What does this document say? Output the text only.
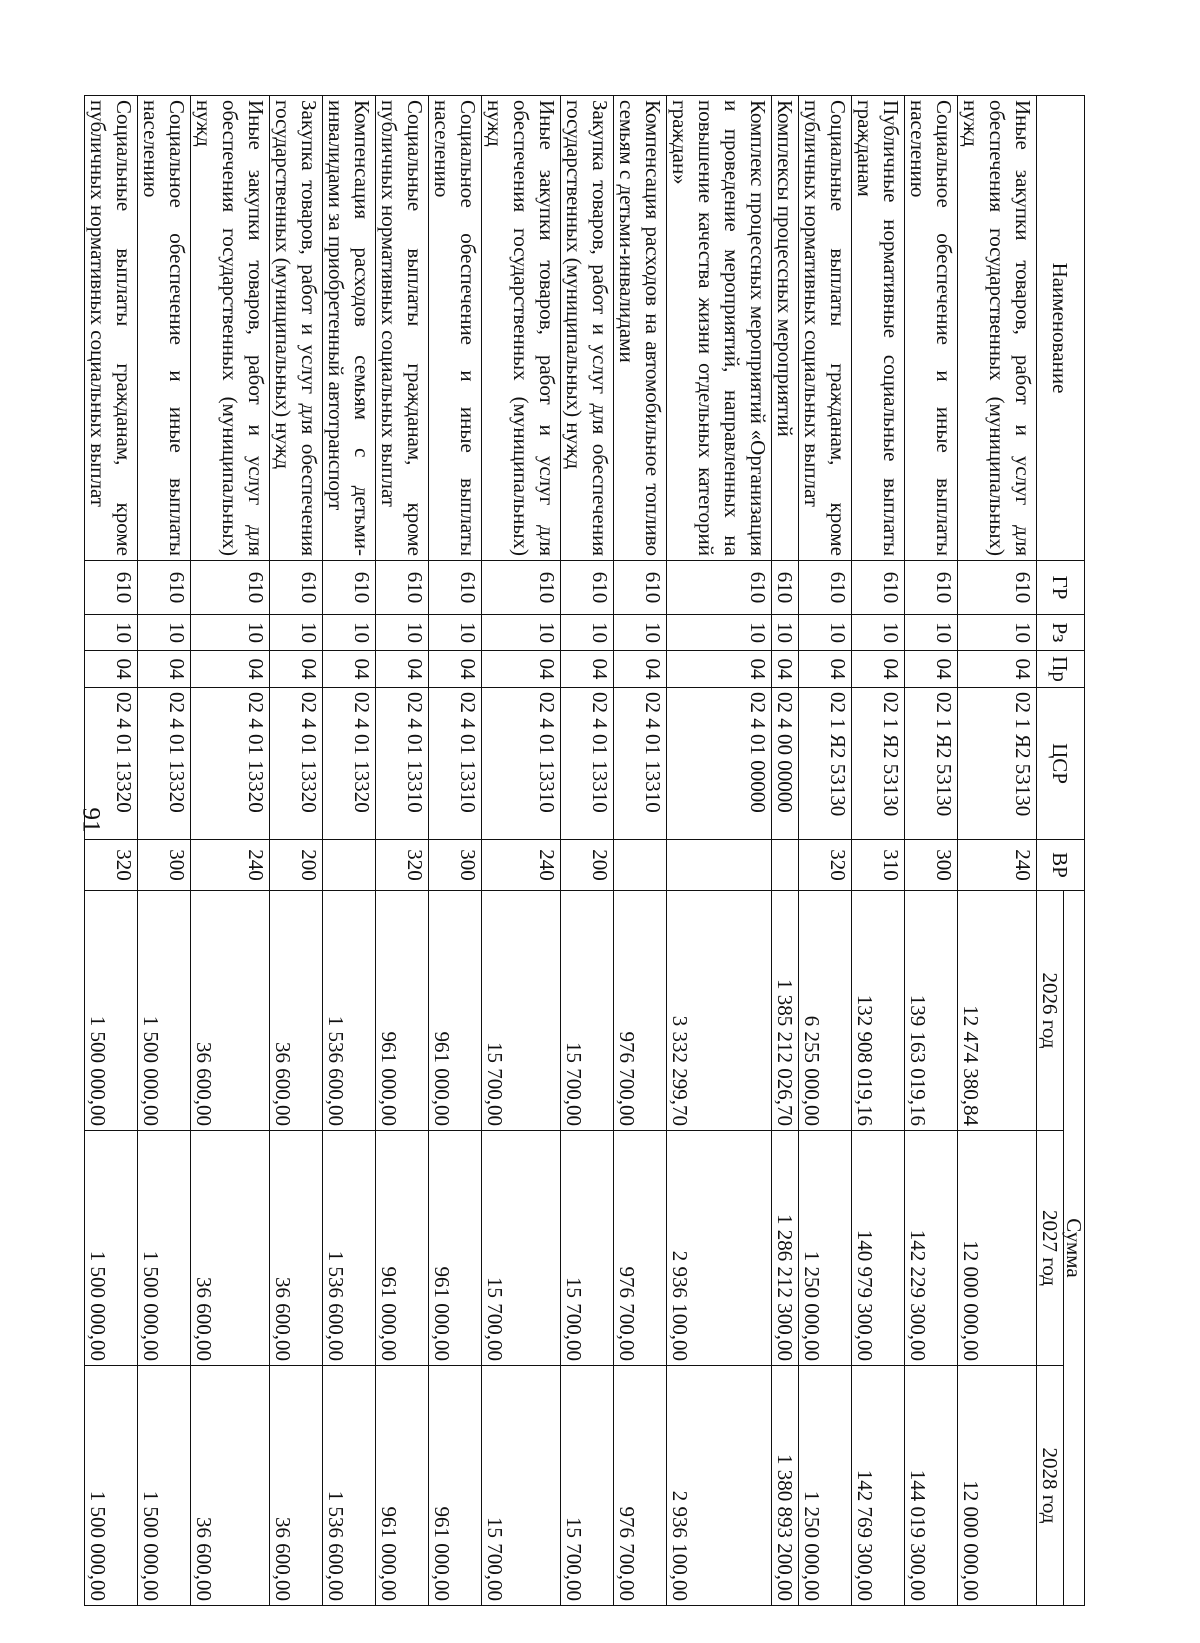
91
Наименование	ГР	Рз	Пр	ЦСР	ВР	Сумма		
						2026 год	2027 год	2028 год
Иные закупки товаров, работ и услуг для обеспечения государственных (муниципальных) нужд	610	10	04	02 1 Я2 53130	240	12 474 380,84	12 000 000,00	12 000 000,00
Социальное обеспечение и иные выплаты населению	610	10	04	02 1 Я2 53130	300	139 163 019,16	142 229 300,00	144 019 300,00
Публичные нормативные социальные выплаты гражданам	610	10	04	02 1 Я2 53130	310	132 908 019,16	140 979 300,00	142 769 300,00
Социальные выплаты гражданам, кроме публичных нормативных социальных выплат	610	10	04	02 1 Я2 53130	320	6 255 000,00	1 250 000,00	1 250 000,00
Комплексы процессных мероприятий	610	10	04	02 4 00 00000		1 385 212 026,70	1 286 212 300,00	1 380 893 200,00
Комплекс процессных мероприятий «Организация и проведение мероприятий, направленных на повышение качества жизни отдельных категорий граждан»	610	10	04	02 4 01 00000		3 332 299,70	2 936 100,00	2 936 100,00
Компенсация расходов на автомобильное топливо семьям с детьми-инвалидами	610	10	04	02 4 01 13310		976 700,00	976 700,00	976 700,00
Закупка товаров, работ и услуг для обеспечения государственных (муниципальных) нужд	610	10	04	02 4 01 13310	200	15 700,00	15 700,00	15 700,00
Иные закупки товаров, работ и услуг для обеспечения государственных (муниципальных) нужд	610	10	04	02 4 01 13310	240	15 700,00	15 700,00	15 700,00
Социальное обеспечение и иные выплаты населению	610	10	04	02 4 01 13310	300	961 000,00	961 000,00	961 000,00
Социальные выплаты гражданам, кроме публичных нормативных социальных выплат	610	10	04	02 4 01 13310	320	961 000,00	961 000,00	961 000,00
Компенсация расходов семьям с детьми-инвалидами за приобретенный автотранспорт	610	10	04	02 4 01 13320		1 536 600,00	1 536 600,00	1 536 600,00
Закупка товаров, работ и услуг для обеспечения государственных (муниципальных) нужд	610	10	04	02 4 01 13320	200	36 600,00	36 600,00	36 600,00
Иные закупки товаров, работ и услуг для обеспечения государственных (муниципальных) нужд	610	10	04	02 4 01 13320	240	36 600,00	36 600,00	36 600,00
Социальное обеспечение и иные выплаты населению	610	10	04	02 4 01 13320	300	1 500 000,00	1 500 000,00	1 500 000,00
Социальные выплаты гражданам, кроме публичных нормативных социальных выплат	610	10	04	02 4 01 13320	320	1 500 000,00	1 500 000,00	1 500 000,00
